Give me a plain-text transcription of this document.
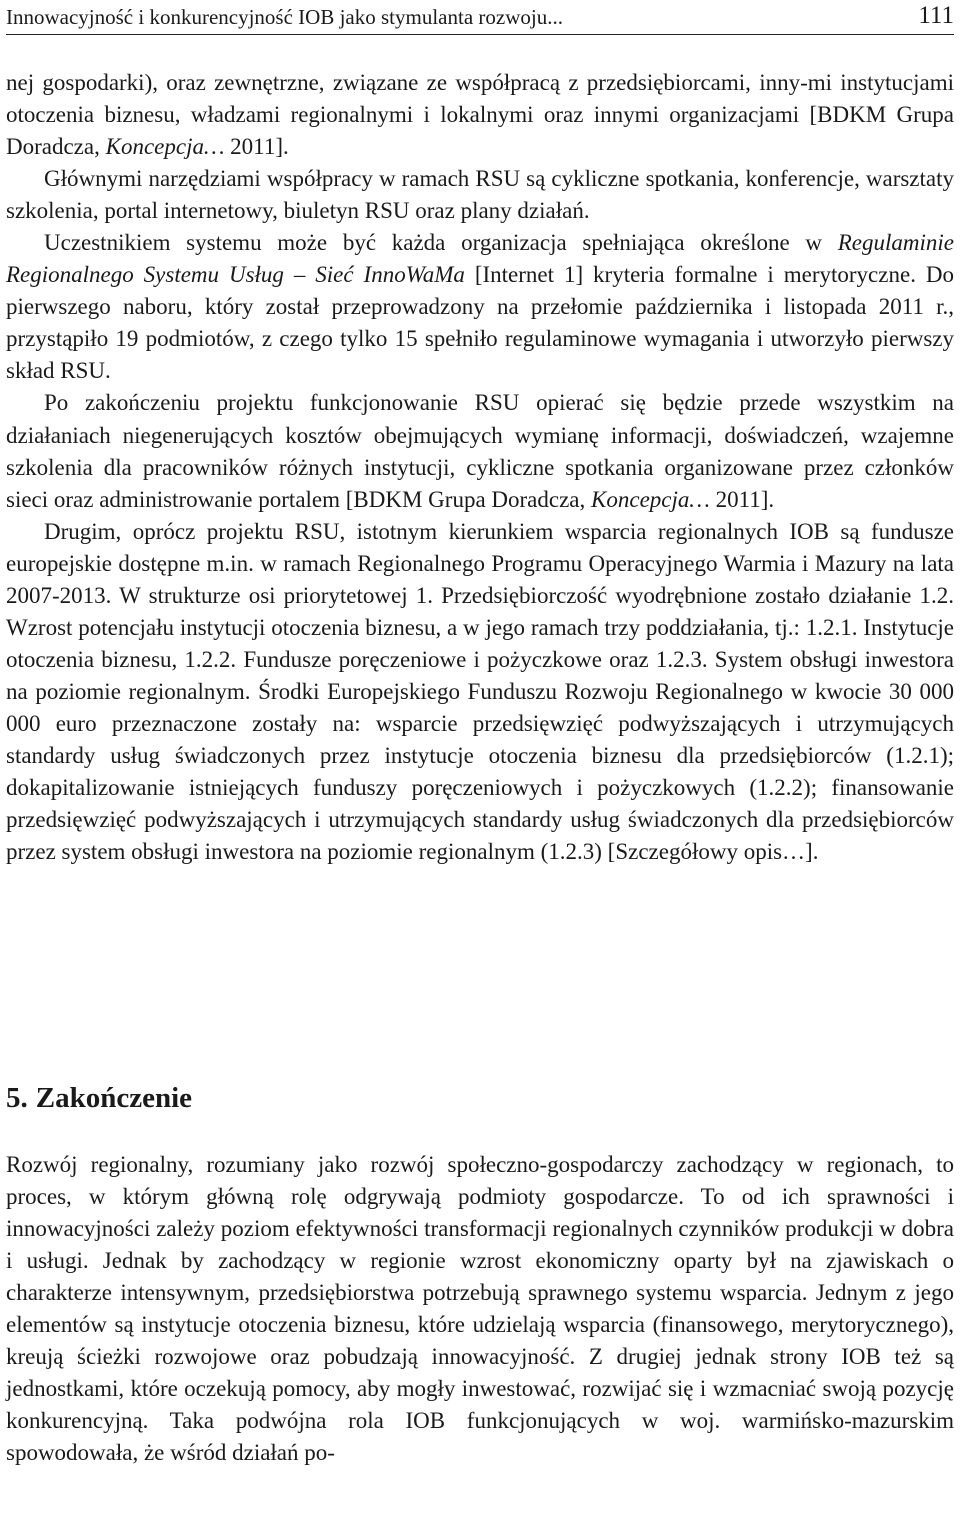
Innowacyjność i konkurencyjność IOB jako stymulanta rozwoju...	111

nej gospodarki), oraz zewnętrzne, związane ze współpracą z przedsiębiorcami, inny-mi instytucjami otoczenia biznesu, władzami regionalnymi i lokalnymi oraz innymi organizacjami [BDKM Grupa Doradcza, Koncepcja… 2011].

Głównymi narzędziami współpracy w ramach RSU są cykliczne spotkania, konferencje, warsztaty szkolenia, portal internetowy, biuletyn RSU oraz plany działań.

Uczestnikiem systemu może być każda organizacja spełniająca określone w Regulaminie Regionalnego Systemu Usług – Sieć InnoWaMa [Internet 1] kryteria formalne i merytoryczne. Do pierwszego naboru, który został przeprowadzony na przełomie października i listopada 2011 r., przystąpiło 19 podmiotów, z czego tylko 15 spełniło regulaminowe wymagania i utworzyło pierwszy skład RSU.

Po zakończeniu projektu funkcjonowanie RSU opierać się będzie przede wszystkim na działaniach niegenerujących kosztów obejmujących wymianę informacji, doświadczeń, wzajemne szkolenia dla pracowników różnych instytucji, cykliczne spotkania organizowane przez członków sieci oraz administrowanie portalem [BDKM Grupa Doradcza, Koncepcja… 2011].

Drugim, oprócz projektu RSU, istotnym kierunkiem wsparcia regionalnych IOB są fundusze europejskie dostępne m.in. w ramach Regionalnego Programu Operacyjnego Warmia i Mazury na lata 2007-2013. W strukturze osi priorytetowej 1. Przedsiębiorczość wyodrębnione zostało działanie 1.2. Wzrost potencjału instytucji otoczenia biznesu, a w jego ramach trzy poddziałania, tj.: 1.2.1. Instytucje otoczenia biznesu, 1.2.2. Fundusze poręczeniowe i pożyczkowe oraz 1.2.3. System obsługi inwestora na poziomie regionalnym. Środki Europejskiego Funduszu Rozwoju Regionalnego w kwocie 30 000 000 euro przeznaczone zostały na: wsparcie przedsięwzięć podwyższających i utrzymujących standardy usług świadczonych przez instytucje otoczenia biznesu dla przedsiębiorców (1.2.1); dokapitalizowanie istniejących funduszy poręczeniowych i pożyczkowych (1.2.2); finansowanie przedsięwzięć podwyższających i utrzymujących standardy usług świadczonych dla przedsiębiorców przez system obsługi inwestora na poziomie regionalnym (1.2.3) [Szczegółowy opis…].

5. Zakończenie

Rozwój regionalny, rozumiany jako rozwój społeczno-gospodarczy zachodzący w regionach, to proces, w którym główną rolę odgrywają podmioty gospodarcze. To od ich sprawności i innowacyjności zależy poziom efektywności transformacji regionalnych czynników produkcji w dobra i usługi. Jednak by zachodzący w regionie wzrost ekonomiczny oparty był na zjawiskach o charakterze intensywnym, przedsiębiorstwa potrzebują sprawnego systemu wsparcia. Jednym z jego elementów są instytucje otoczenia biznesu, które udzielają wsparcia (finansowego, merytorycznego), kreują ścieżki rozwojowe oraz pobudzają innowacyjność. Z drugiej jednak strony IOB też są jednostkami, które oczekują pomocy, aby mogły inwestować, rozwijać się i wzmacniać swoją pozycję konkurencyjną. Taka podwójna rola IOB funkcjonujących w woj. warmińsko-mazurskim spowodowała, że wśród działań po-
